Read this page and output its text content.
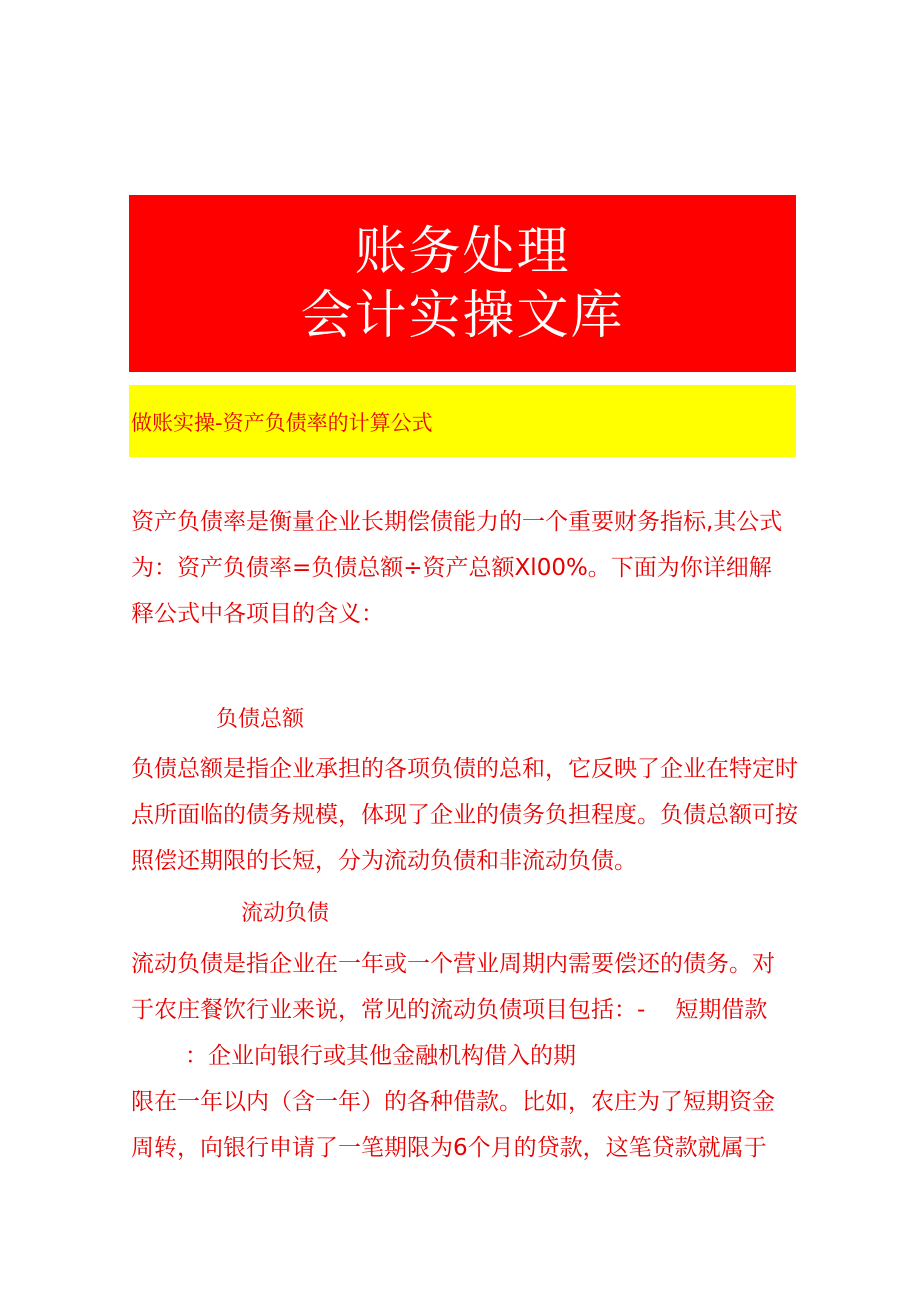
账务处理
会计实操文库
做账实操-资产负债率的计算公式
资产负债率是衡量企业长期偿债能力的一个重要财务指标,其公式
为：资产负债率=负债总额÷资产总额Xl00%。下面为你详细解
释公式中各项目的含义：
负债总额
负债总额是指企业承担的各项负债的总和，它反映了企业在特定时
点所面临的债务规模，体现了企业的债务负担程度。负债总额可按
照偿还期限的长短，分为流动负债和非流动负债。
流动负债
流动负债是指企业在一年或一个营业周期内需要偿还的债务。对
于农庄餐饮行业来说，常见的流动负债项目包括：- 短期借款
：企业向银行或其他金融机构借入的期
限在一年以内（含一年）的各种借款。比如，农庄为了短期资金
周转，向银行申请了一笔期限为6个月的贷款，这笔贷款就属于
